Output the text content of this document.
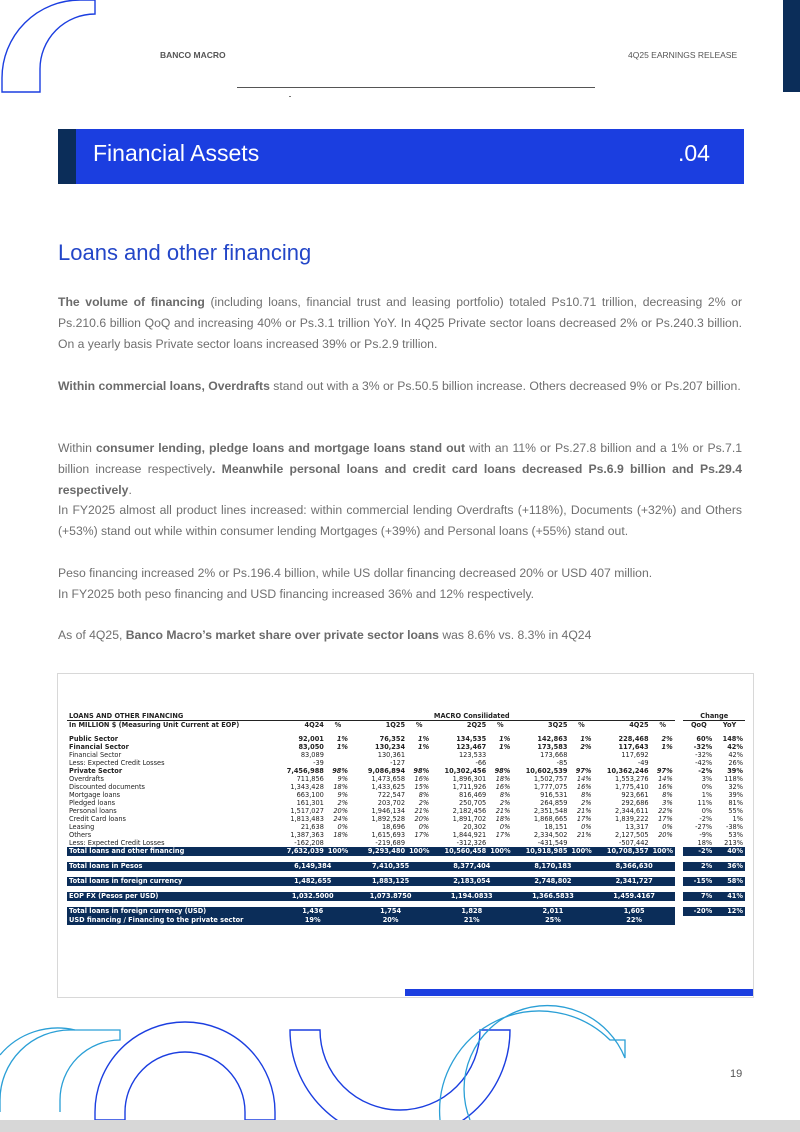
BANCO MACRO	4Q25 EARNINGS RELEASE
Financial Assets	.04
Loans and other financing

The volume of financing (including loans, financial trust and leasing portfolio) totaled Ps10.71 trillion, decreasing 2% or Ps.210.6 billion QoQ and increasing 40% or Ps.3.1 trillion YoY. In 4Q25 Private sector loans decreased 2% or Ps.240.3 billion. On a yearly basis Private sector loans increased 39% or Ps.2.9 trillion.

Within commercial loans, Overdrafts stand out with a 3% or Ps.50.5 billion increase. Others decreased 9% or Ps.207 billion.

Within consumer lending, pledge loans and mortgage loans stand out with an 11% or Ps.27.8 billion and a 1% or Ps.7.1 billion increase respectively. Meanwhile personal loans and credit card loans decreased Ps.6.9 billion and Ps.29.4 respectively.

In FY2025 almost all product lines increased: within commercial lending Overdrafts (+118%), Documents (+32%) and Others (+53%) stand out while within consumer lending Mortgages (+39%) and Personal loans (+55%) stand out.

Peso financing increased 2% or Ps.196.4 billion, while US dollar financing decreased 20% or USD 407 million.

In FY2025 both peso financing and USD financing increased 36% and 12% respectively.

As of 4Q25, Banco Macro’s market share over private sector loans was 8.6% vs. 8.3% in 4Q24

LOANS AND OTHER FINANCING					MACRO Consilidated							Change	
In MILLION $ (Measuring Unit Current at EOP)	4Q24	%	1Q25	%	2Q25	%	3Q25	%	4Q25	%		QoQ	YoY

Public Sector	92,001	1%	76,352	1%	134,535	1%	142,863	1%	228,468	2%		60%	148%
Financial Sector	83,050	1%	130,234	1%	123,467	1%	173,583	2%	117,643	1%		-32%	42%
Financial Sector	83,089		130,361		123,533		173,668		117,692			-32%	42%
Less: Expected Credit Losses	-39		-127		-66		-85		-49			-42%	26%
Private Sector	7,456,988	98%	9,086,894	98%	10,302,456	98%	10,602,539	97%	10,362,246	97%		-2%	39%
Overdrafts	711,856	9%	1,473,658	16%	1,896,301	18%	1,502,757	14%	1,553,276	14%		3%	118%
Discounted documents	1,343,428	18%	1,433,625	15%	1,711,926	16%	1,777,075	16%	1,775,410	16%		0%	32%
Mortgage loans	663,100	9%	722,547	8%	816,469	8%	916,531	8%	923,661	8%		1%	39%
Pledged loans	161,301	2%	203,702	2%	250,705	2%	264,859	2%	292,686	3%		11%	81%
Personal loans	1,517,027	20%	1,946,134	21%	2,182,456	21%	2,351,548	21%	2,344,611	22%		0%	55%
Credit Card loans	1,813,483	24%	1,892,528	20%	1,891,702	18%	1,868,665	17%	1,839,222	17%		-2%	1%
Leasing	21,638	0%	18,696	0%	20,302	0%	18,151	0%	13,317	0%		-27%	-38%
Others	1,387,363	18%	1,615,693	17%	1,844,921	17%	2,334,502	21%	2,127,505	20%		-9%	53%
Less: Expected Credit Losses	-162,208		-219,689		-312,326		-431,549		-507,442			18%	213%
Total loans and other financing	7,632,039	100%	9,293,480	100%	10,560,458	100%	10,918,985	100%	10,708,357	100%		-2%	40%

Total loans in Pesos	6,149,384		7,410,355		8,377,404		8,170,183		8,366,630			2%	36%

Total loans in foreign currency	1,482,655		1,883,125		2,183,054		2,748,802		2,341,727			-15%	58%

EOP FX (Pesos per USD)	1,032.5000		1,073.8750		1,194.0833		1,366.5833		1,459.4167			7%	41%

Total loans in foreign currency (USD)	1,436		1,754		1,828		2,011		1,605			-20%	12%
USD financing / Financing to the private sector	19%		20%		21%		25%		22%				
19
